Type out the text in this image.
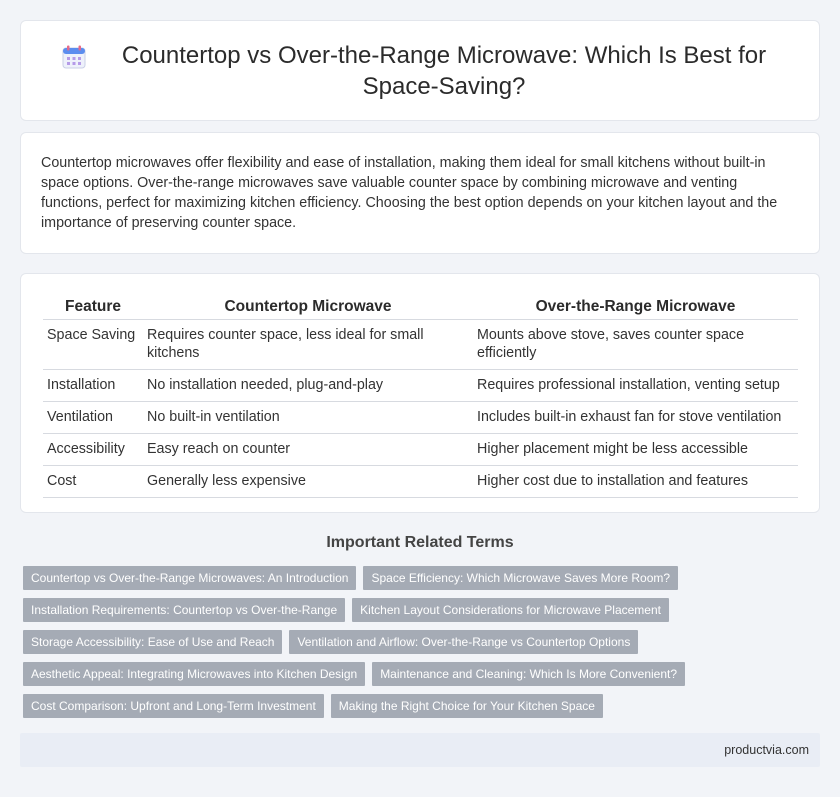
Countertop vs Over-the-Range Microwave: Which Is Best for Space-Saving?

Countertop microwaves offer flexibility and ease of installation, making them ideal for small kitchens without built-in space options. Over-the-range microwaves save valuable counter space by combining microwave and venting functions, perfect for maximizing kitchen efficiency. Choosing the best option depends on your kitchen layout and the importance of preserving counter space.

Feature	Countertop Microwave	Over-the-Range Microwave
Space Saving	Requires counter space, less ideal for small kitchens	Mounts above stove, saves counter space efficiently
Installation	No installation needed, plug-and-play	Requires professional installation, venting setup
Ventilation	No built-in ventilation	Includes built-in exhaust fan for stove ventilation
Accessibility	Easy reach on counter	Higher placement might be less accessible
Cost	Generally less expensive	Higher cost due to installation and features
Important Related Terms
Countertop vs Over-the-Range Microwaves: An Introduction	Space Efficiency: Which Microwave Saves More Room?
Installation Requirements: Countertop vs Over-the-Range	Kitchen Layout Considerations for Microwave Placement
Storage Accessibility: Ease of Use and Reach	Ventilation and Airflow: Over-the-Range vs Countertop Options
Aesthetic Appeal: Integrating Microwaves into Kitchen Design	Maintenance and Cleaning: Which Is More Convenient?
Cost Comparison: Upfront and Long-Term Investment	Making the Right Choice for Your Kitchen Space
productvia.com
